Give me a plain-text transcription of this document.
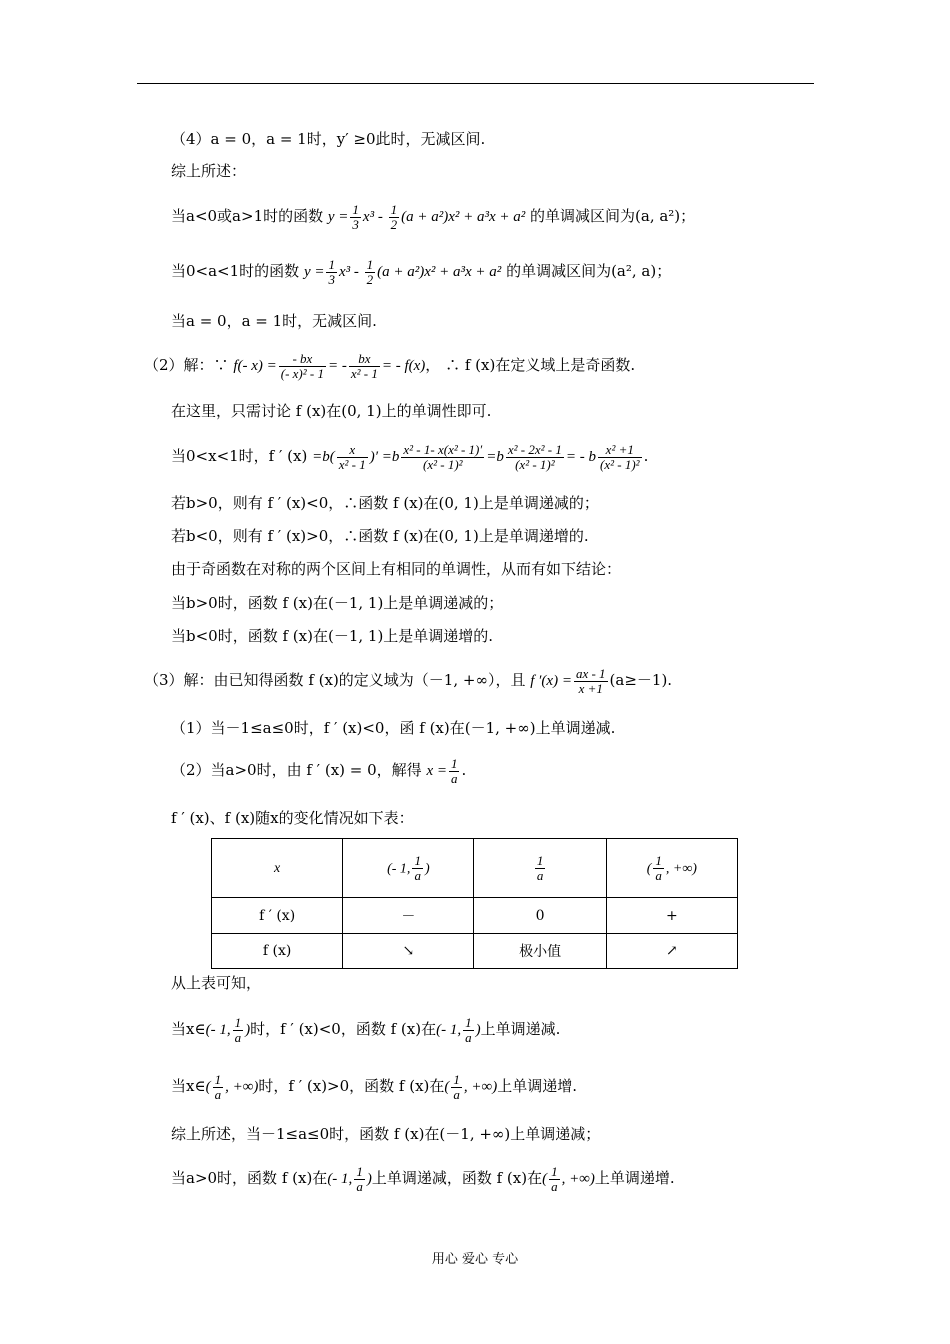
（4）a = 0，a = 1时，y′ ≥0此时，无减区间.
综上所述：
当a<0或a>1时的函数 $y = \frac{1}{3} x^3 - \frac{1}{2} (a + a^2)x^2 + a^3x + a^2$ 的单调减区间为(a, a²)；
当0<a<1时的函数 $y = \frac{1}{3} x^3 - \frac{1}{2} (a + a^2)x^2 + a^3x + a^2$ 的单调减区间为(a², a)；
当a = 0，a = 1时，无减区间.
（2）解：∵ f(- $x) = \frac{- bx}{\text{(- x)² - 1}}$ = - $\frac{bx}{\text{x² - 1}}$ = - f(x)， ∴ f (x)在定义域上是奇函数.
在这里，只需讨论 f (x)在(0, 1)上的单调性即可.
当0<x<1时，f ′ $(x) =b( \frac{x}{\text{x² - 1}}$ )′ $=b \frac{\text{x² - 1- x(x² - 1)′}}{\text{(x² - 1)²}} =b \frac{\text{x² - 2x² - 1}}{\text{(x² - 1)²}}$ = - b $\frac{\text{x² +1}}{\text{(x² - 1)²}}$ .
若b>0，则有 f ′ (x)<0，∴函数 f (x)在(0, 1)上是单调递减的；
若b<0，则有 f ′ (x)>0，∴函数 f (x)在(0, 1)上是单调递增的.
由于奇函数在对称的两个区间上有相同的单调性，从而有如下结论：
当b>0时，函数 f (x)在(－1, 1)上是单调递减的；
当b<0时，函数 f (x)在(－1, 1)上是单调递增的.
（3）解：由已知得函数 f (x)的定义域为（－1, +∞），且 f $'(x) = \frac{ax - 1}{x +1} (a\ge-1)$.
（1）当－1≤a≤0时，f ′ (x)<0，函 f (x)在(－1, +∞)上单调递减.
（2）当a>0时，由 f ′ (x) = 0，解得 $x = \frac{1}{a}$ .
f ′ (x)、f (x)随x的变化情况如下表：
x	(- 1, $\frac{1}{a}$ )	$\frac{1}{a}$	( $\frac{1}{a}$ , +∞)
f ′ (x)	－	0	+
f (x)	↘	极小值	↗
从上表可知，
当x∈(- 1, $\frac{1}{a}$ )时，f ′ (x)<0，函数 f (x)在(- 1, $\frac{1}{a}$ )上单调递减.
当x∈( $\frac{1}{a}$ , +∞)时，f ′ (x)>0，函数 f (x)在( $\frac{1}{a}$ , +∞)上单调递增.
综上所述，当－1≤a≤0时，函数 f (x)在(－1, +∞)上单调递减；
当a>0时，函数 f (x)在(- 1, $\frac{1}{a}$ )上单调递减，函数 f (x)在( $\frac{1}{a}$ , +∞)上单调递增.
用心 爱心 专心
